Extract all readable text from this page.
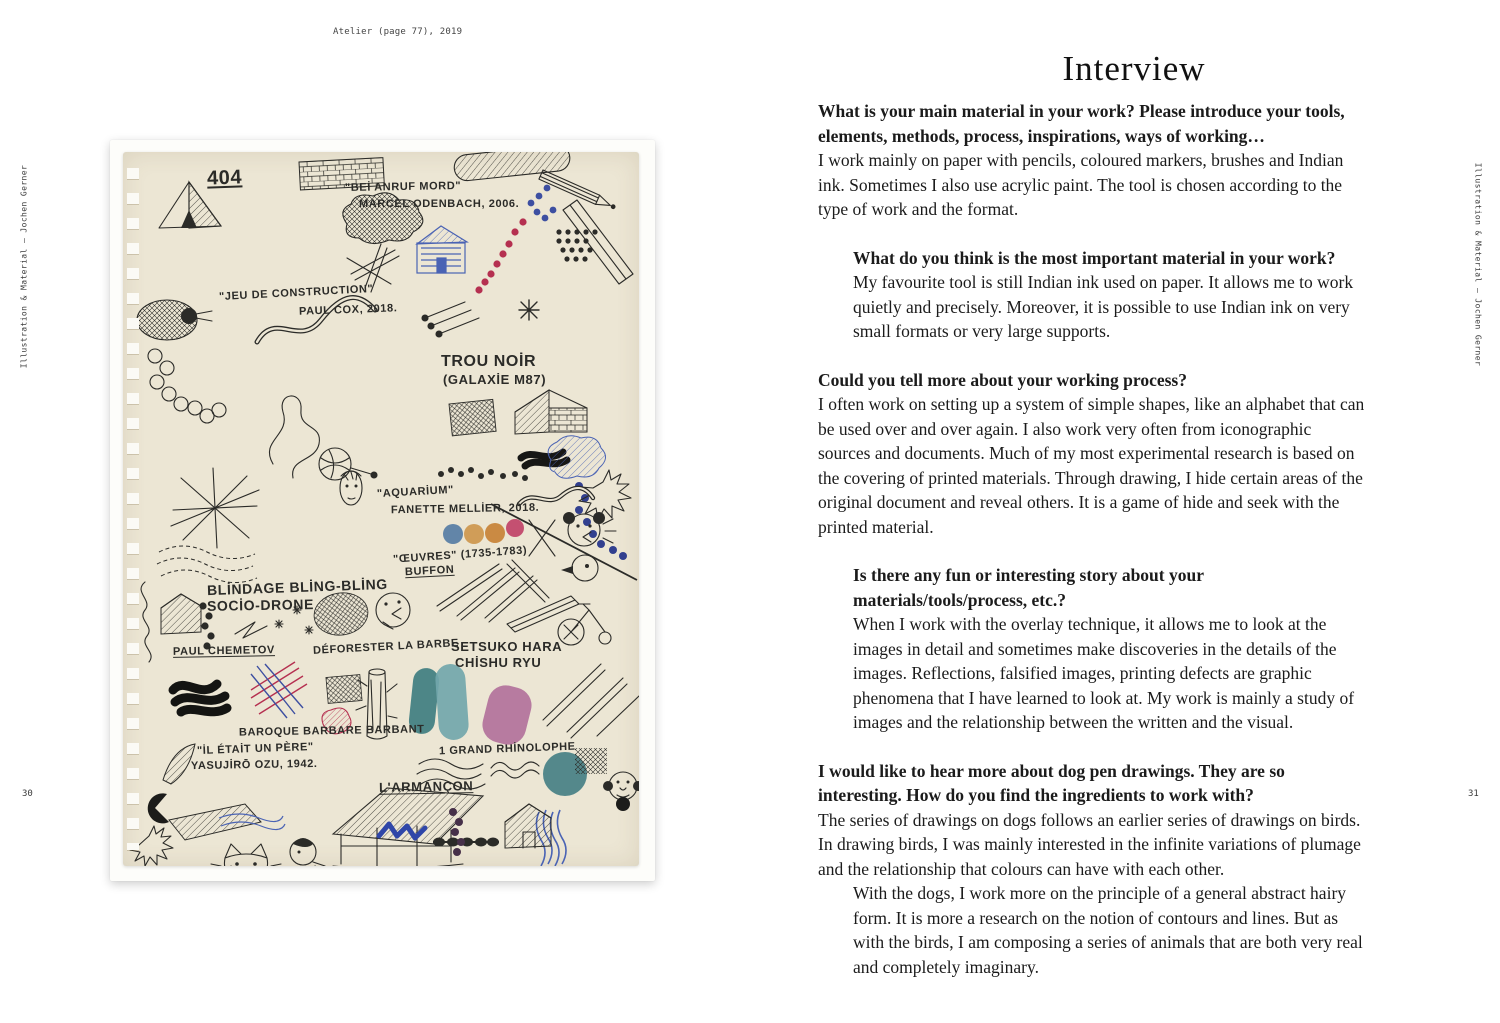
Illustration & Material — Jochen Gerner	Illustration & Material — Jochen Gerner
30	31
Atelier (page 77), 2019
404	"BEİ ANRUF MORD"
MARCEL ODENBACH, 2006.
"JEU DE CONSTRUCTION"
PAUL COX, 2018.
TROU NOİR
(GALAXİE M87)
"AQUARİUM"
FANETTE MELLİER, 2018.
"ŒUVRES" (1735-1783)
BUFFON
BLİNDAGE BLİNG-BLİNG
SOCİO-DRONE
PAUL CHEMETOV	DÉFORESTER LA BARBE
SETSUKO HARA
CHİSHU RYU
BAROQUE BARBARE BARBANT
"İL ÉTAİT UN PÈRE"
YASUJİRŌ OZU, 1942.
1 GRAND RHİNOLOPHE
L'ARMANÇON
Interview
What is your main material in your work? Please introduce your tools, elements, methods, process, inspirations, ways of working…
I work mainly on paper with pencils, coloured markers, brushes and Indian ink. Sometimes I also use acrylic paint. The tool is chosen according to the type of work and the format.
What do you think is the most important material in your work?
My favourite tool is still Indian ink used on paper. It allows me to work quietly and precisely. Moreover, it is possible to use Indian ink on very small formats or very large supports.
Could you tell more about your working process?
I often work on setting up a system of simple shapes, like an alphabet that can be used over and over again. I also work very often from iconographic sources and documents. Much of my most experimental research is based on the covering of printed materials. Through drawing, I hide certain areas of the original document and reveal others. It is a game of hide and seek with the printed material.
Is there any fun or interesting story about your materials/tools/process, etc.?
When I work with the overlay technique, it allows me to look at the images in detail and sometimes make discoveries in the details of the images. Reflections, falsified images, printing defects are graphic phenomena that I have learned to look at. My work is mainly a study of images and the relationship between the written and the visual.
I would like to hear more about dog pen drawings. They are so interesting. How do you find the ingredients to work with?
The series of drawings on dogs follows an earlier series of drawings on birds. In drawing birds, I was mainly interested in the infinite variations of plumage and the relationship that colours can have with each other.
With the dogs, I work more on the principle of a general abstract hairy form. It is more a research on the notion of contours and lines. But as with the birds, I am composing a series of animals that are both very real and completely imaginary.
